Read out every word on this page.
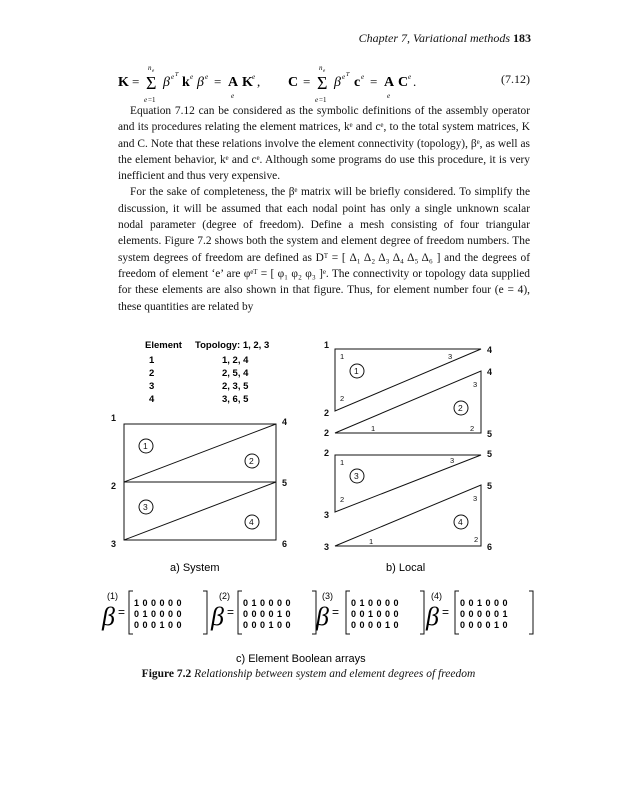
Chapter 7, Variational methods 183
K = Σ
n e
e =1
β e T k e β e = A
e
K e , C = Σ
n e
e =1
β e T c e = A
e
C e .	(7.12)

Equation 7.12 can be considered as the symbolic definitions of the assembly operator and its procedures relating the element matrices, kᵉ and cᵉ, to the total system matrices, K and C. Note that these relations involve the element connectivity (topology), βᵉ, as well as the element behavior, kᵉ and cᵉ. Although some programs do use this procedure, it is very inefficient and thus very expensive.

For the sake of completeness, the βᵉ matrix will be briefly considered. To simplify the discussion, it will be assumed that each nodal point has only a single unknown scalar nodal parameter (degree of freedom). Define a mesh consisting of four triangular elements. Figure 7.2 shows both the system and element degree of freedom numbers. The system degrees of freedom are defined as Dᵀ = [ Δ₁ Δ₂ Δ₃ Δ₄ Δ₅ Δ₆ ] and the degrees of freedom of element ‘e’ are φᵉᵀ = [ φ₁ φ₂ φ₃ ]ᵉ. The connectivity or topology data supplied for these elements are also shown in that figure. Thus, for element number four (e = 4), these quantities are related by

Element Topology: 1, 2, 3
1	1, 2, 4
2	2, 5, 4
3	2, 3, 5
4	3, 6, 5
1
2
3
4
5
6
1
2
3
4
1	4
2
4
2	5
2	5
3
5
3	6
1	3
2
1
1
3
2
2
1	3
2
3
1
3
2
4
a) System	b) Local
(1)
β =
1 0 0 0 0 0
0 1 0 0 0 0
0 0 0 1 0 0
(2)
β =
0 1 0 0 0 0
0 0 0 0 1 0
0 0 0 1 0 0
(3)
β =
0 1 0 0 0 0
0 0 1 0 0 0
0 0 0 0 1 0
(4)
β =
0 0 1 0 0 0
0 0 0 0 0 1
0 0 0 0 1 0
c) Element Boolean arrays
Figure 7.2 Relationship between system and element degrees of freedom
